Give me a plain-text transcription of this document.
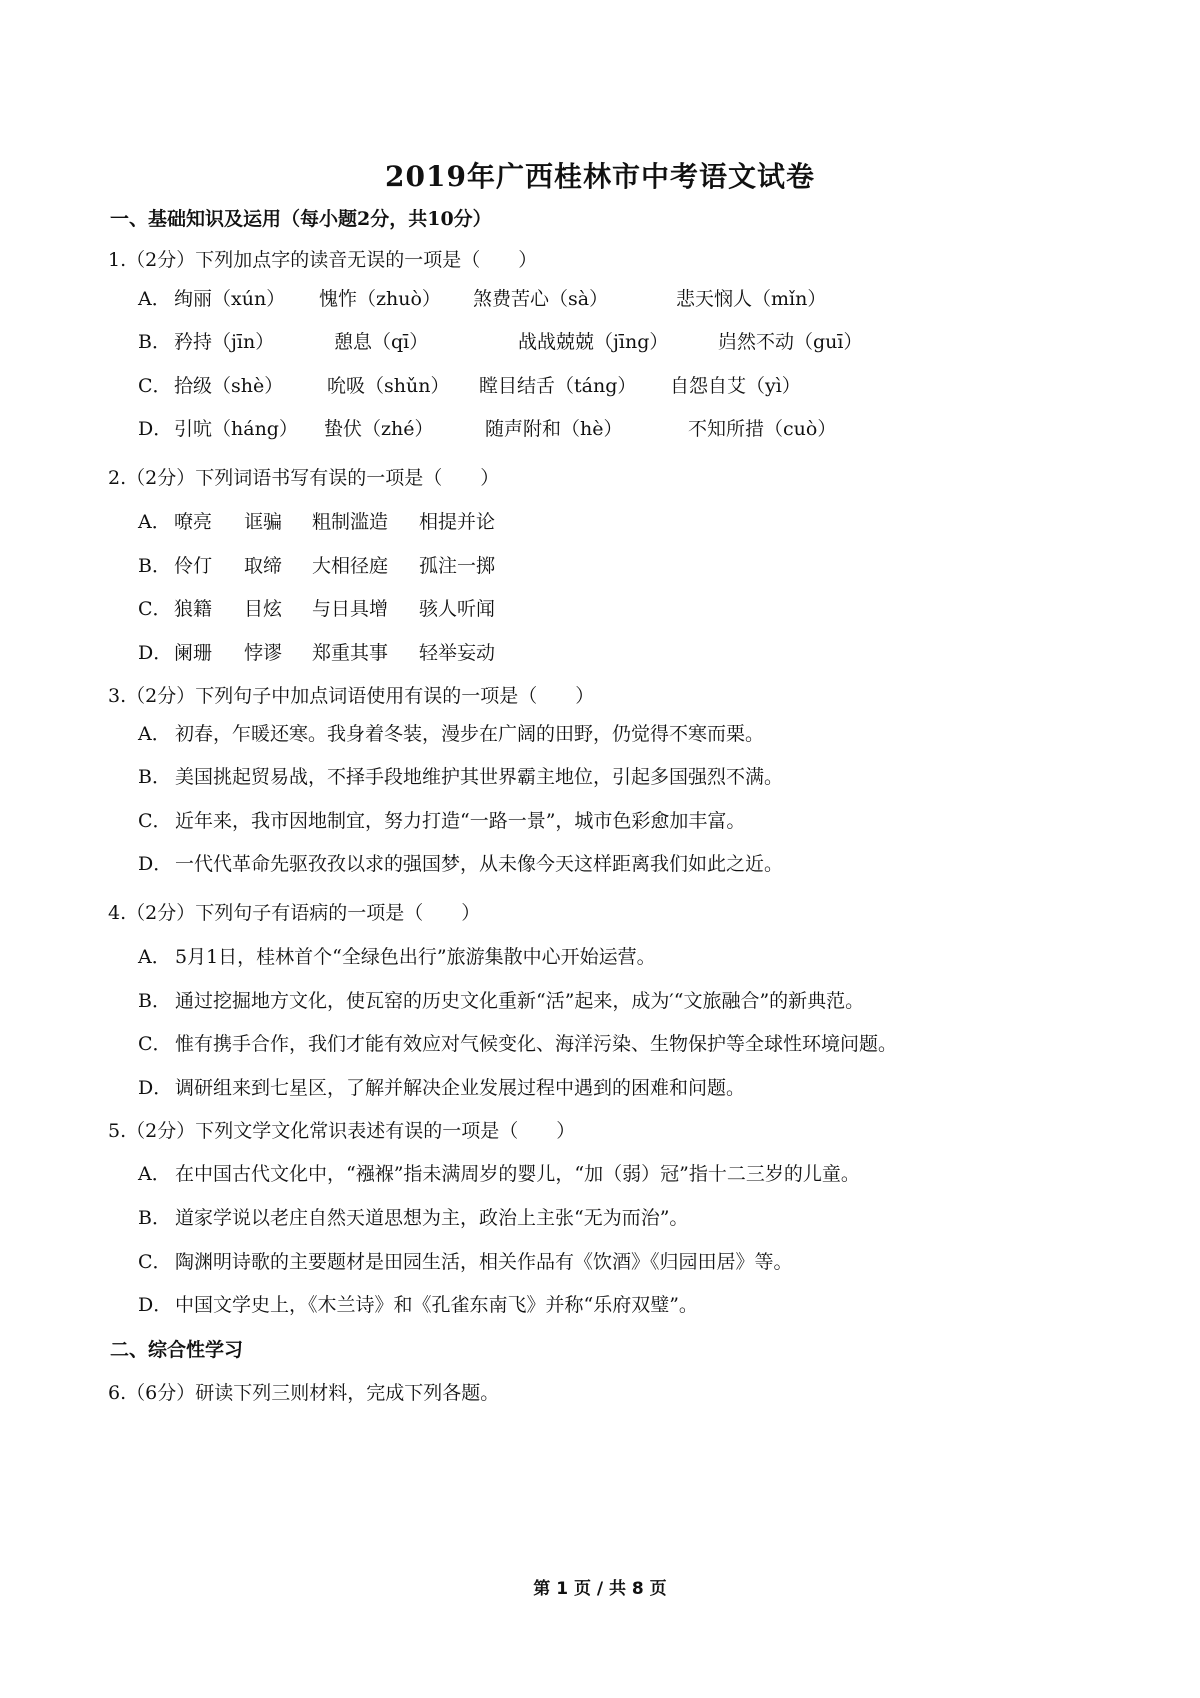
2019年广西桂林市中考语文试卷
一、基础知识及运用（每小题2分，共10分）
1.（2分）下列加点字的读音无误的一项是（　　）
A． 绚丽（xún） 愧怍（zhuò） 煞费苦心（sà）	悲天悯人（mǐn）
B． 矜持（jīn）	憩息（qī）	战战兢兢（jīng）	岿然不动（guī）
C． 拾级（shè） 吮吸（shǔn） 瞠目结舌（táng） 自怨自艾（yì）
D． 引吭（háng） 蛰伏（zhé）	随声附和（hè）	不知所措（cuò）
2.（2分）下列词语书写有误的一项是（　　）
A． 嘹亮 诓骗 粗制滥造 相提并论
B． 伶仃 取缔 大相径庭 孤注一掷
C． 狼籍 目炫 与日具增 骇人听闻
D． 阑珊 悖谬 郑重其事 轻举妄动
3.（2分）下列句子中加点词语使用有误的一项是（　　）
A． 初春，乍暖还寒。我身着冬装，漫步在广阔的田野，仍觉得不寒而栗。
B． 美国挑起贸易战，不择手段地维护其世界霸主地位，引起多国强烈不满。
C． 近年来，我市因地制宜，努力打造“一路一景”，城市色彩愈加丰富。
D． 一代代革命先驱孜孜以求的强国梦，从未像今天这样距离我们如此之近。
4.（2分）下列句子有语病的一项是（　　）
A． 5月1日，桂林首个“全绿色出行”旅游集散中心开始运营。
B． 通过挖掘地方文化，使瓦窑的历史文化重新“活”起来，成为′“文旅融合”的新典范。
C． 惟有携手合作，我们才能有效应对气候变化、海洋污染、生物保护等全球性环境问题。
D． 调研组来到七星区，了解并解决企业发展过程中遇到的困难和问题。
5.（2分）下列文学文化常识表述有误的一项是（　　）
A． 在中国古代文化中，“襁褓”指未满周岁的婴儿，“加（弱）冠”指十二三岁的儿童。
B． 道家学说以老庄自然天道思想为主，政治上主张“无为而治”。
C． 陶渊明诗歌的主要题材是田园生活，相关作品有《饮酒》《归园田居》等。
D． 中国文学史上，《木兰诗》和《孔雀东南飞》并称“乐府双璧”。
二、综合性学习
6.（6分）研读下列三则材料，完成下列各题。
第 1 页 / 共 8 页
